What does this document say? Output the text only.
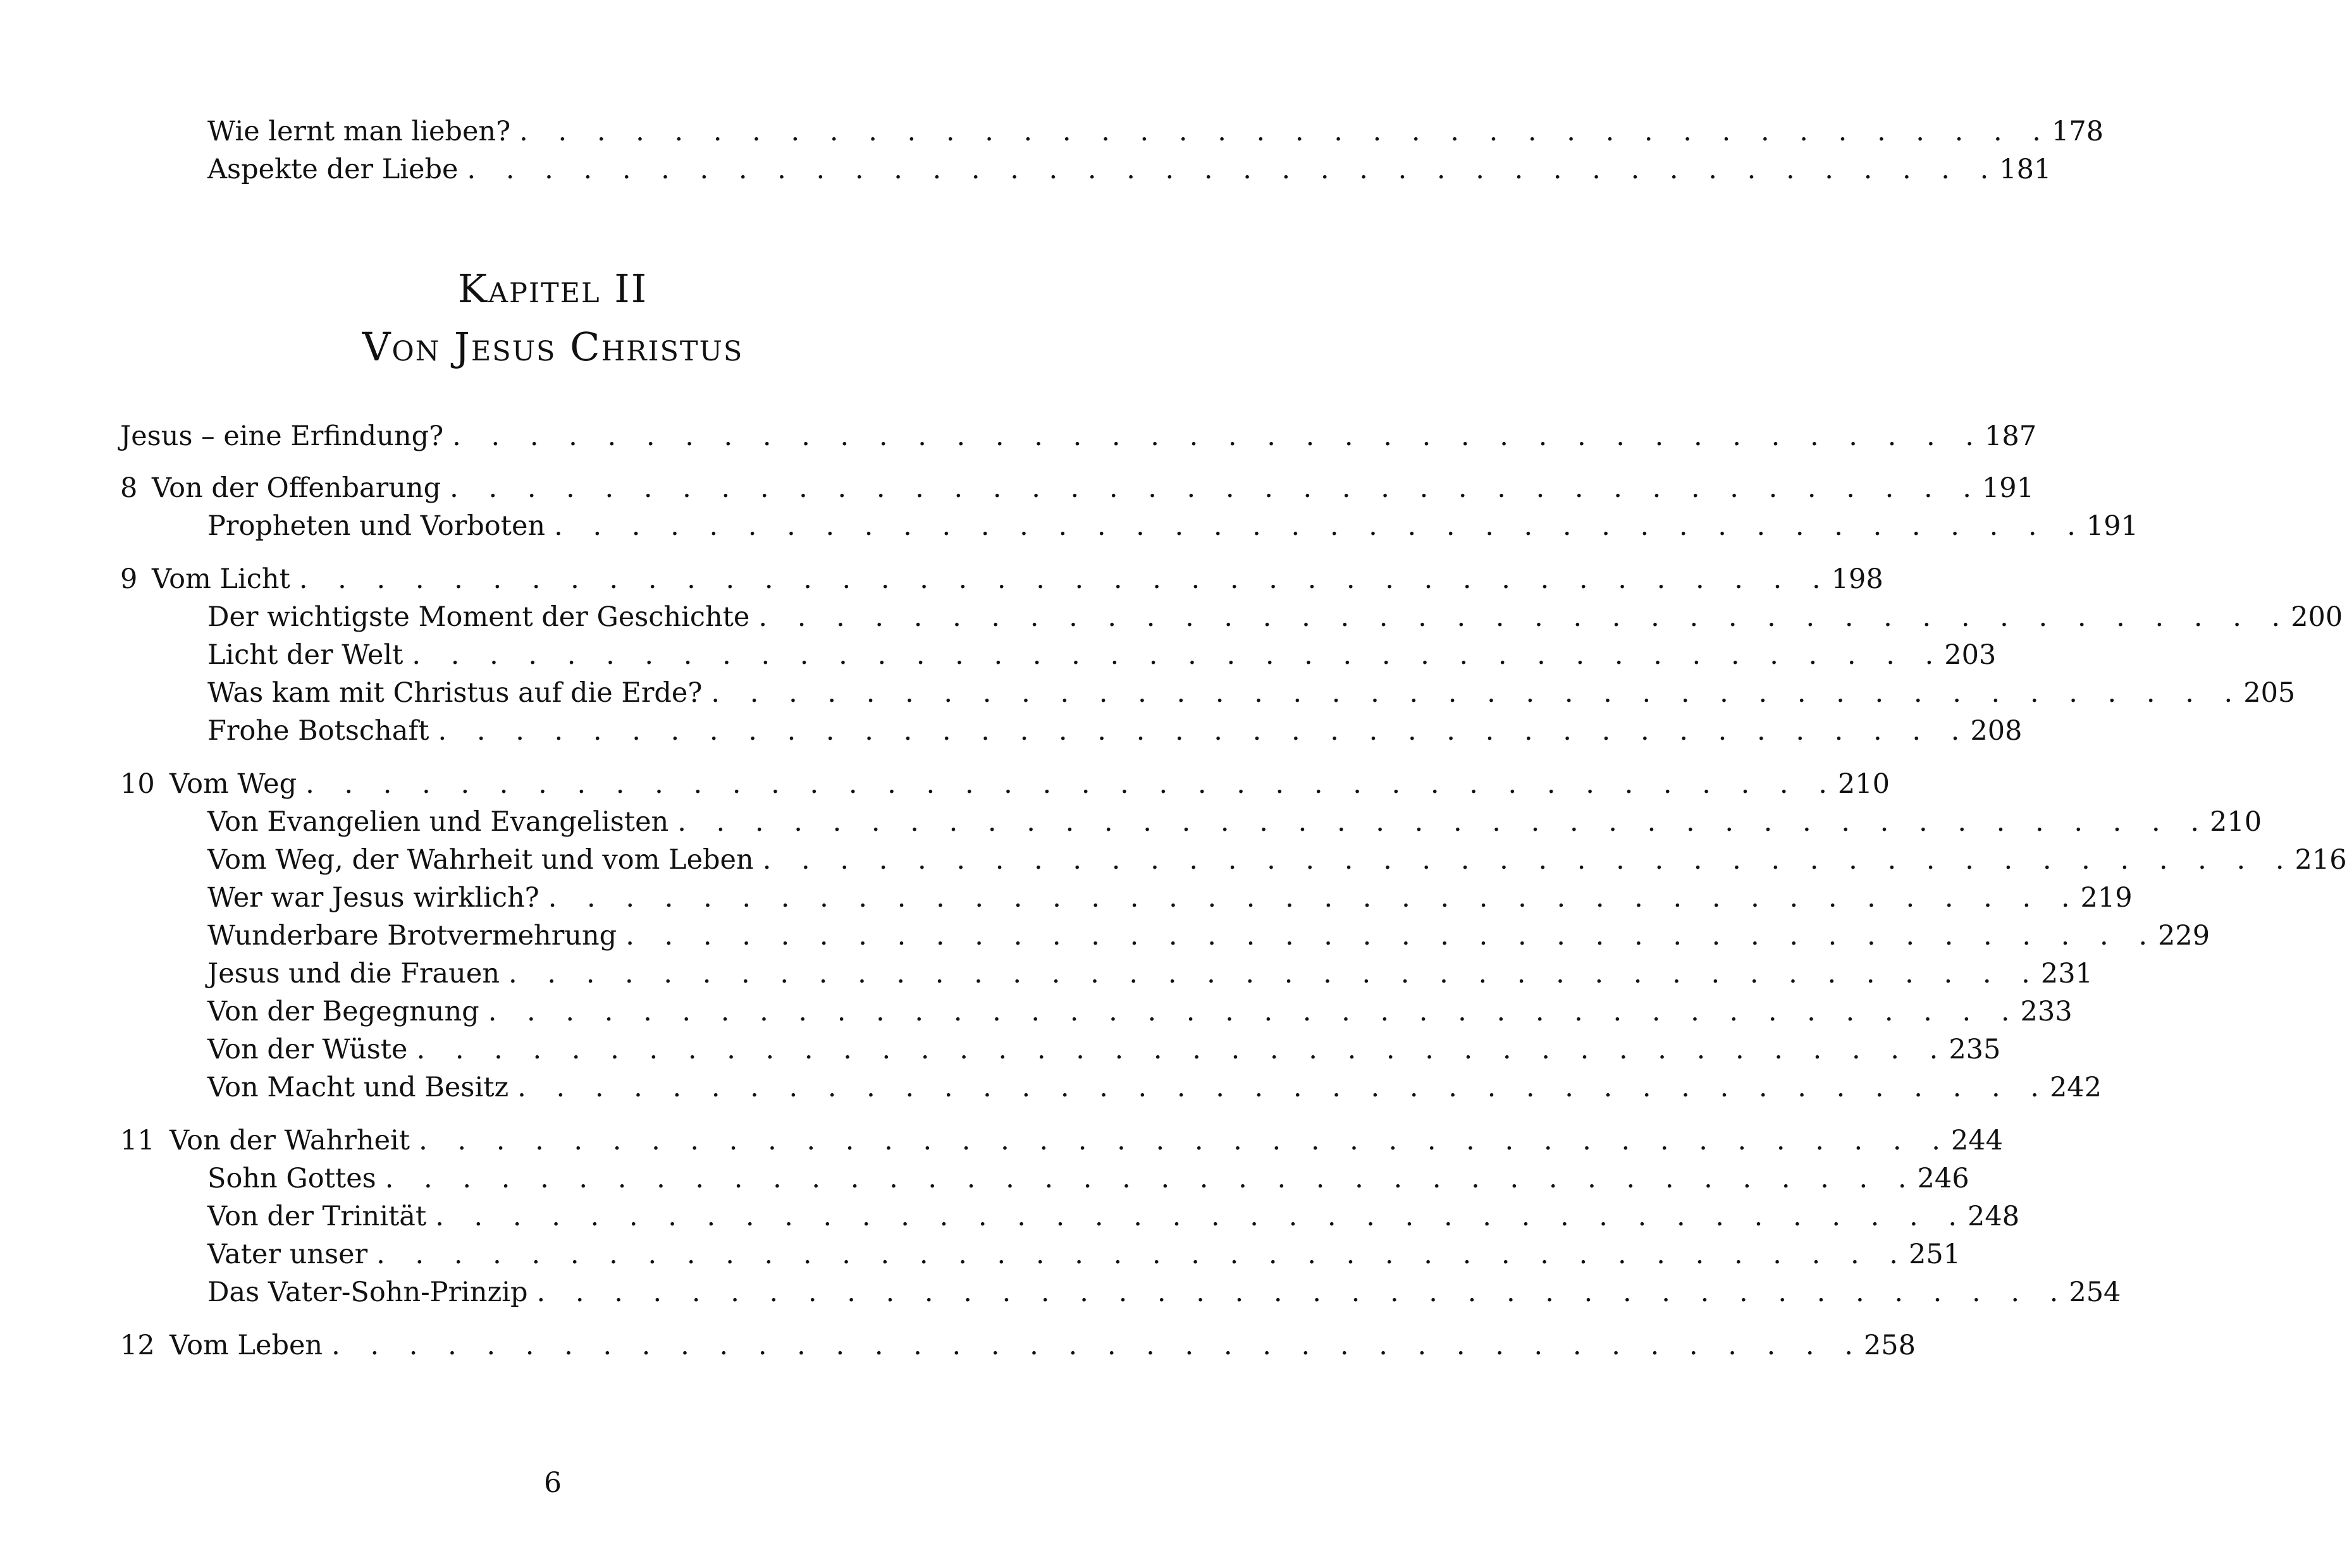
Wie lernt man lieben? . . . . . . . . . . . . . . . . . . . . . . . . . . . . . . . . . . . . . . . . 178
Aspekte der Liebe . . . . . . . . . . . . . . . . . . . . . . . . . . . . . . . . . . . . . . . . 181
Kapitel II
Von Jesus Christus
Jesus – eine Erfindung? . . . . . . . . . . . . . . . . . . . . . . . . . . . . . . . . . . . . . . . . 187
8 Von der Offenbarung . . . . . . . . . . . . . . . . . . . . . . . . . . . . . . . . . . . . . . . . 191
Propheten und Vorboten . . . . . . . . . . . . . . . . . . . . . . . . . . . . . . . . . . . . . . . . 191
9 Vom Licht . . . . . . . . . . . . . . . . . . . . . . . . . . . . . . . . . . . . . . . . 198
Der wichtigste Moment der Geschichte . . . . . . . . . . . . . . . . . . . . . . . . . . . . . . . . . . . . . . . . 200
Licht der Welt . . . . . . . . . . . . . . . . . . . . . . . . . . . . . . . . . . . . . . . . 203
Was kam mit Christus auf die Erde? . . . . . . . . . . . . . . . . . . . . . . . . . . . . . . . . . . . . . . . . 205
Frohe Botschaft . . . . . . . . . . . . . . . . . . . . . . . . . . . . . . . . . . . . . . . . 208
10 Vom Weg . . . . . . . . . . . . . . . . . . . . . . . . . . . . . . . . . . . . . . . . 210
Von Evangelien und Evangelisten . . . . . . . . . . . . . . . . . . . . . . . . . . . . . . . . . . . . . . . . 210
Vom Weg, der Wahrheit und vom Leben . . . . . . . . . . . . . . . . . . . . . . . . . . . . . . . . . . . . . . . . 216
Wer war Jesus wirklich? . . . . . . . . . . . . . . . . . . . . . . . . . . . . . . . . . . . . . . . . 219
Wunderbare Brotvermehrung . . . . . . . . . . . . . . . . . . . . . . . . . . . . . . . . . . . . . . . . 229
Jesus und die Frauen . . . . . . . . . . . . . . . . . . . . . . . . . . . . . . . . . . . . . . . . 231
Von der Begegnung . . . . . . . . . . . . . . . . . . . . . . . . . . . . . . . . . . . . . . . . 233
Von der Wüste . . . . . . . . . . . . . . . . . . . . . . . . . . . . . . . . . . . . . . . . 235
Von Macht und Besitz . . . . . . . . . . . . . . . . . . . . . . . . . . . . . . . . . . . . . . . . 242
11 Von der Wahrheit . . . . . . . . . . . . . . . . . . . . . . . . . . . . . . . . . . . . . . . . 244
Sohn Gottes . . . . . . . . . . . . . . . . . . . . . . . . . . . . . . . . . . . . . . . . 246
Von der Trinität . . . . . . . . . . . . . . . . . . . . . . . . . . . . . . . . . . . . . . . . 248
Vater unser . . . . . . . . . . . . . . . . . . . . . . . . . . . . . . . . . . . . . . . . 251
Das Vater-Sohn-Prinzip . . . . . . . . . . . . . . . . . . . . . . . . . . . . . . . . . . . . . . . . 254
12 Vom Leben . . . . . . . . . . . . . . . . . . . . . . . . . . . . . . . . . . . . . . . . 258
6
